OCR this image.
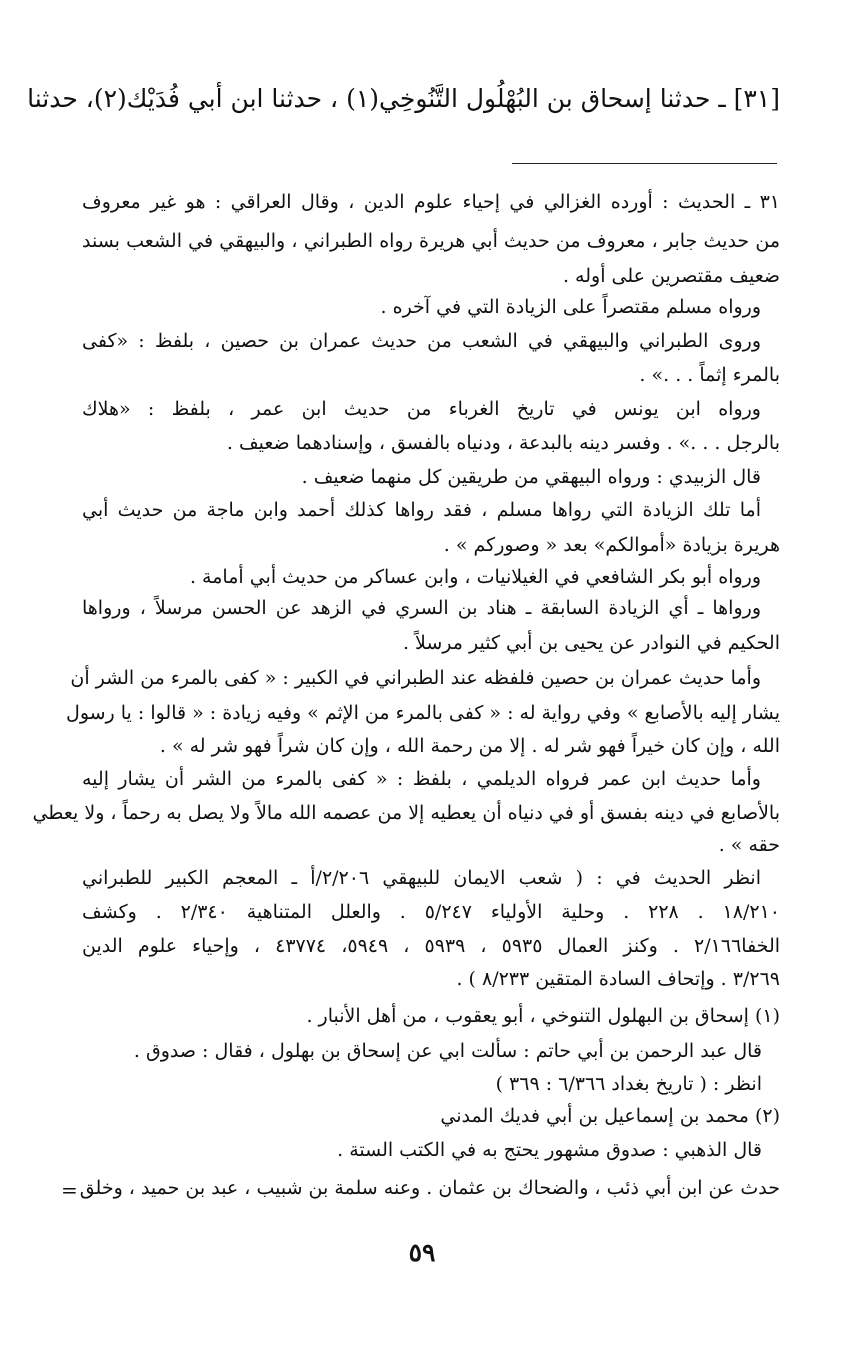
[٣١] ـ حدثنا إسحاق بن البُهْلُول التَّنُوخِي(١) ، حدثنا ابن أبي فُدَيْك(٢)، حدثنا
٣١ ـ الحديث : أورده الغزالي في إحياء علوم الدين ، وقال العراقي : هو غير معروف
من حديث جابر ، معروف من حديث أبي هريرة رواه الطبراني ، والبيهقي في الشعب بسند
ضعيف مقتصرين على أوله .
ورواه مسلم مقتصراً على الزيادة التي في آخره .
وروى الطبراني والبيهقي في الشعب من حديث عمران بن حصين ، بلفظ : «كفى
بالمرء إثماً . . .» .
ورواه ابن يونس في تاريخ الغرباء من حديث ابن عمر ، بلفظ : «هلاك
بالرجل . . .» . وفسر دينه بالبدعة ، ودنياه بالفسق ، وإسنادهما ضعيف .
قال الزبيدي : ورواه البيهقي من طريقين كل منهما ضعيف .
أما تلك الزيادة التي رواها مسلم ، فقد رواها كذلك أحمد وابن ماجة من حديث أبي
هريرة بزيادة «أموالكم» بعد « وصوركم » .
ورواه أبو بكر الشافعي في الغيلانيات ، وابن عساكر من حديث أبي أمامة .
ورواها ـ أي الزيادة السابقة ـ هناد بن السري في الزهد عن الحسن مرسلاً ، ورواها
الحكيم في النوادر عن يحيى بن أبي كثير مرسلاً .
وأما حديث عمران بن حصين فلفظه عند الطبراني في الكبير : « كفى بالمرء من الشر أن
يشار إليه بالأصابع » وفي رواية له : « كفى بالمرء من الإثم » وفيه زيادة : « قالوا : يا رسول
الله ، وإن كان خيراً فهو شر له . إلا من رحمة الله ، وإن كان شراً فهو شر له » .
وأما حديث ابن عمر فرواه الديلمي ، بلفظ : « كفى بالمرء من الشر أن يشار إليه
بالأصابع في دينه بفسق أو في دنياه أن يعطيه إلا من عصمه الله مالاً ولا يصل به رحماً ، ولا يعطي
حقه » .
انظر الحديث في : ( شعب الايمان للبيهقي ٢/٢٠٦/أ ـ المعجم الكبير للطبراني
١٨/٢١٠ . ٢٢٨ . وحلية الأولياء ٥/٢٤٧ . والعلل المتناهية ٢/٣٤٠ . وكشف
الخفا٢/١٦٦ . وكنز العمال ٥٩٣٥ ، ٥٩٣٩ ، ٥٩٤٩، ٤٣٧٧٤ ، وإحياء علوم الدين
٣/٢٦٩ . وإتحاف السادة المتقين ٨/٢٣٣ ) .
(١) إسحاق بن البهلول التنوخي ، أبو يعقوب ، من أهل الأنبار .
قال عبد الرحمن بن أبي حاتم : سألت ابي عن إسحاق بن بهلول ، فقال : صدوق .
انظر : ( تاريخ بغداد ٦/٣٦٦ : ٣٦٩ )
(٢) محمد بن إسماعيل بن أبي فديك المدني
قال الذهبي : صدوق مشهور يحتج به في الكتب الستة .
حدث عن ابن أبي ذئب ، والضحاك بن عثمان . وعنه سلمة بن شبيب ، عبد بن حميد ، وخلق
=
٥٩
